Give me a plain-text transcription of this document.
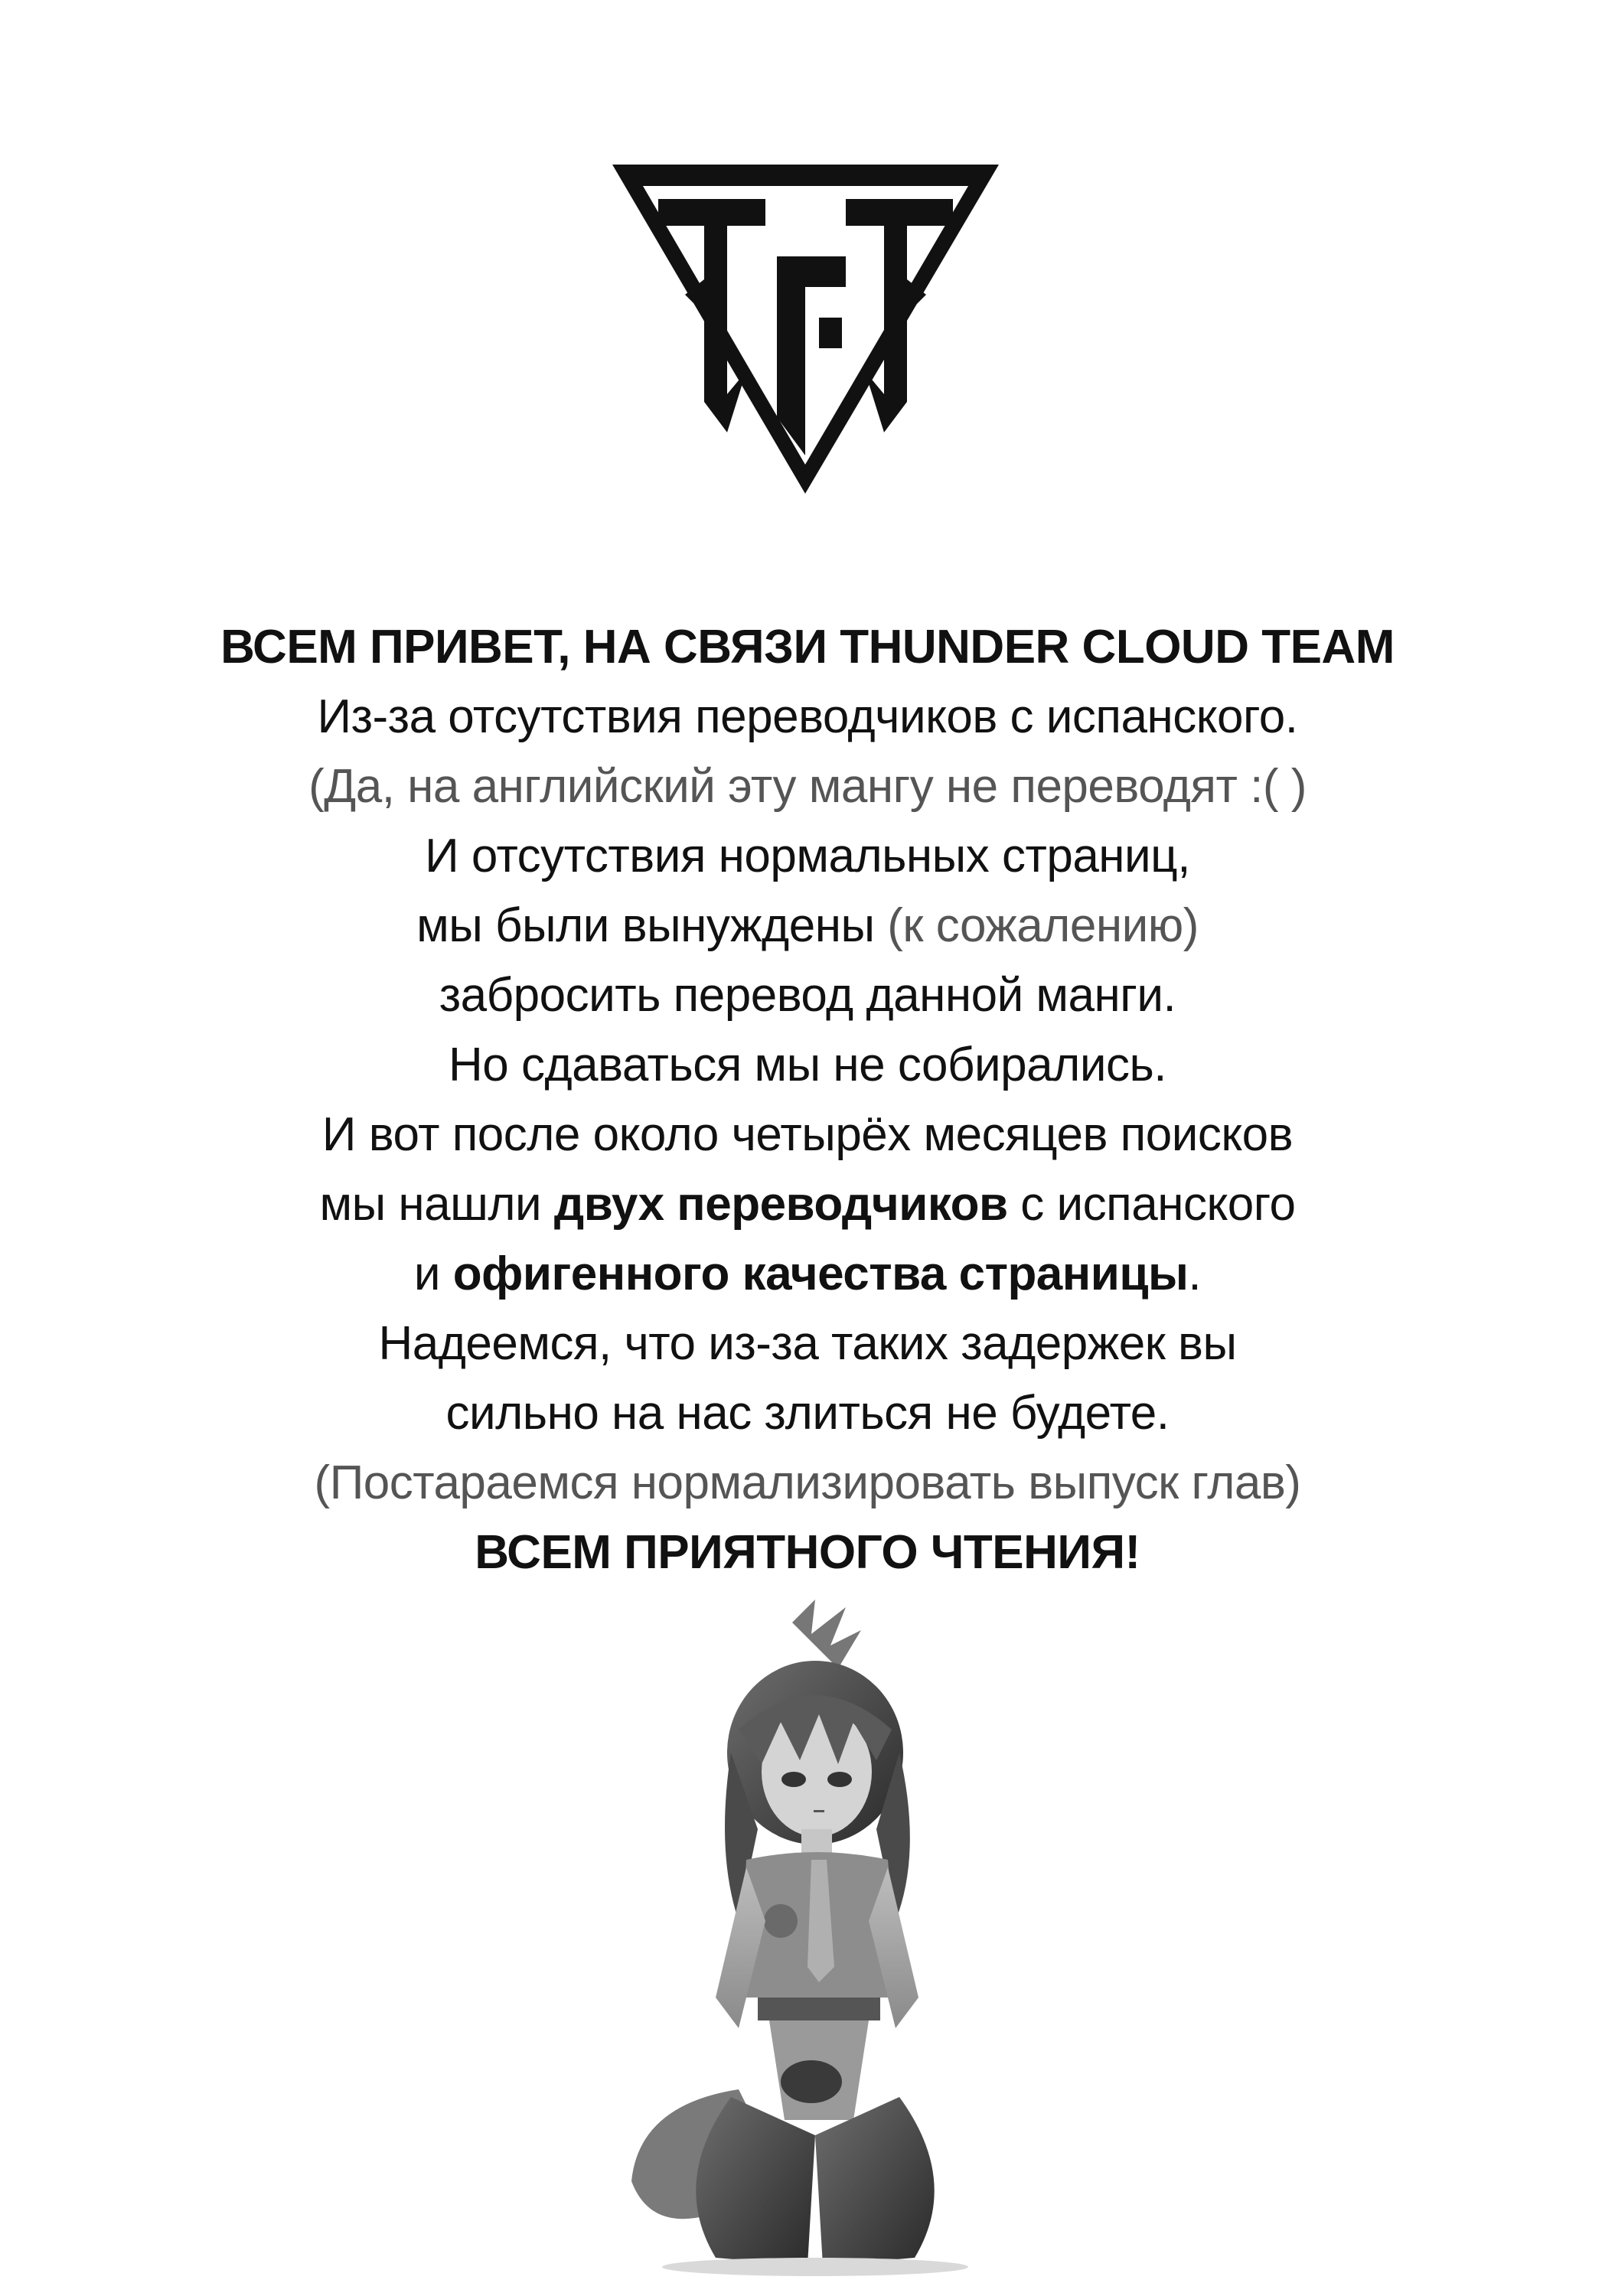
ВСЕМ ПРИВЕТ, НА СВЯЗИ THUNDER CLOUD TEAM
Из-за отсутствия переводчиков с испанского.
(Да, на английский эту мангу не переводят :( )
И отсутствия нормальных страниц,
мы были вынуждены (к сожалению)
забросить перевод данной манги.
Но сдаваться мы не собирались.
И вот после около четырёх месяцев поисков
мы нашли двух переводчиков с испанского
и офигенного качества страницы.
Надеемся, что из-за таких задержек вы
сильно на нас злиться не будете.
(Постараемся нормализировать выпуск глав)
ВСЕМ ПРИЯТНОГО ЧТЕНИЯ!
